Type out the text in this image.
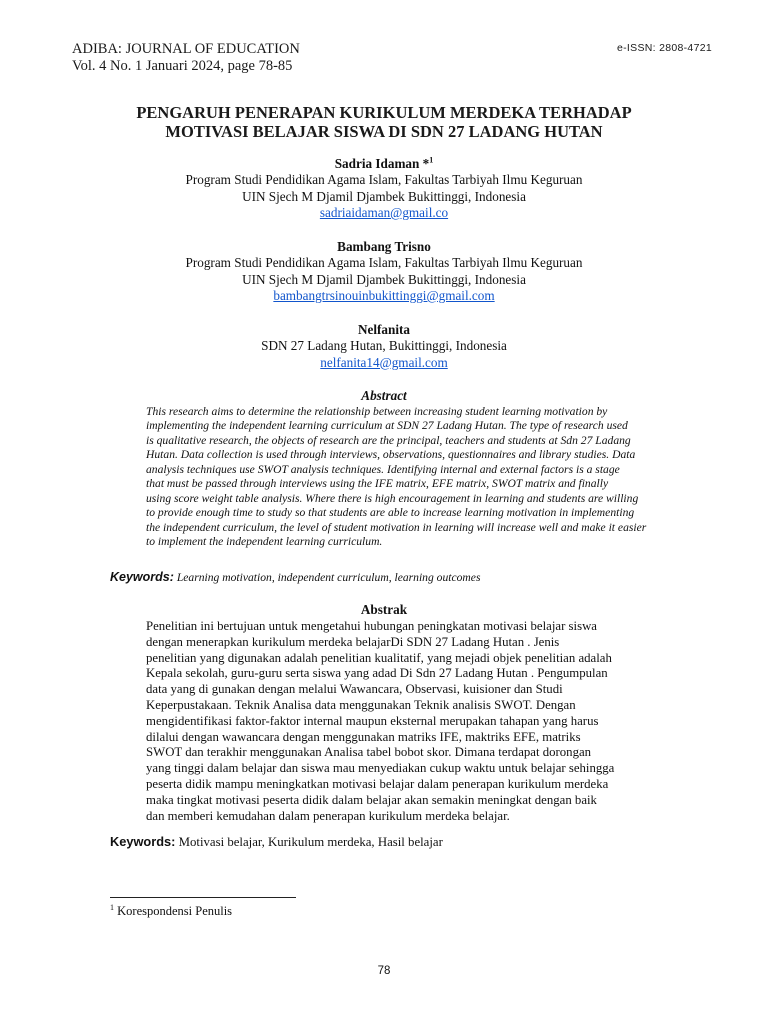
ADIBA: JOURNAL OF EDUCATION
Vol. 4 No. 1 Januari 2024, page 78-85
e-ISSN: 2808-4721
PENGARUH PENERAPAN KURIKULUM MERDEKA TERHADAP
MOTIVASI BELAJAR SISWA DI SDN 27 LADANG HUTAN
Sadria Idaman *$^1$
Program Studi Pendidikan Agama Islam, Fakultas Tarbiyah Ilmu Keguruan
UIN Sjech M Djamil Djambek Bukittinggi, Indonesia
sadriaidaman@gmail.co
Bambang Trisno
Program Studi Pendidikan Agama Islam, Fakultas Tarbiyah Ilmu Keguruan
UIN Sjech M Djamil Djambek Bukittinggi, Indonesia
bambangtrsinouinbukittinggi@gmail.com
Nelfanita
SDN 27 Ladang Hutan, Bukittinggi, Indonesia
nelfanita14@gmail.com
Abstract
This research aims to determine the relationship between increasing student learning motivation by
implementing the independent learning curriculum at SDN 27 Ladang Hutan. The type of research used
is qualitative research, the objects of research are the principal, teachers and students at Sdn 27 Ladang
Hutan. Data collection is used through interviews, observations, questionnaires and library studies. Data
analysis techniques use SWOT analysis techniques. Identifying internal and external factors is a stage
that must be passed through interviews using the IFE matrix, EFE matrix, SWOT matrix and finally
using score weight table analysis. Where there is high encouragement in learning and students are willing
to provide enough time to study so that students are able to increase learning motivation in implementing
the independent curriculum, the level of student motivation in learning will increase well and make it easier
to implement the independent learning curriculum.
Keywords: Learning motivation, independent curriculum, learning outcomes
Abstrak
Penelitian ini bertujuan untuk mengetahui hubungan peningkatan motivasi belajar siswa
dengan menerapkan kurikulum merdeka belajarDi SDN 27 Ladang Hutan . Jenis
penelitian yang digunakan adalah penelitian kualitatif, yang mejadi objek penelitian adalah
Kepala sekolah, guru-guru serta siswa yang adad Di Sdn 27 Ladang Hutan . Pengumpulan
data yang di gunakan dengan melalui Wawancara, Observasi, kuisioner dan Studi
Keperpustakaan. Teknik Analisa data menggunakan Teknik analisis SWOT. Dengan
mengidentifikasi faktor-faktor internal maupun eksternal merupakan tahapan yang harus
dilalui dengan wawancara dengan menggunakan matriks IFE, maktriks EFE, matriks
SWOT dan terakhir menggunakan Analisa tabel bobot skor. Dimana terdapat dorongan
yang tinggi dalam belajar dan siswa mau menyediakan cukup waktu untuk belajar sehingga
peserta didik mampu meningkatkan motivasi belajar dalam penerapan kurikulum merdeka
maka tingkat motivasi peserta didik dalam belajar akan semakin meningkat dengan baik
dan memberi kemudahan dalam penerapan kurikulum merdeka belajar.
Keywords: Motivasi belajar, Kurikulum merdeka, Hasil belajar
$^1$ Korespondensi Penulis
78
